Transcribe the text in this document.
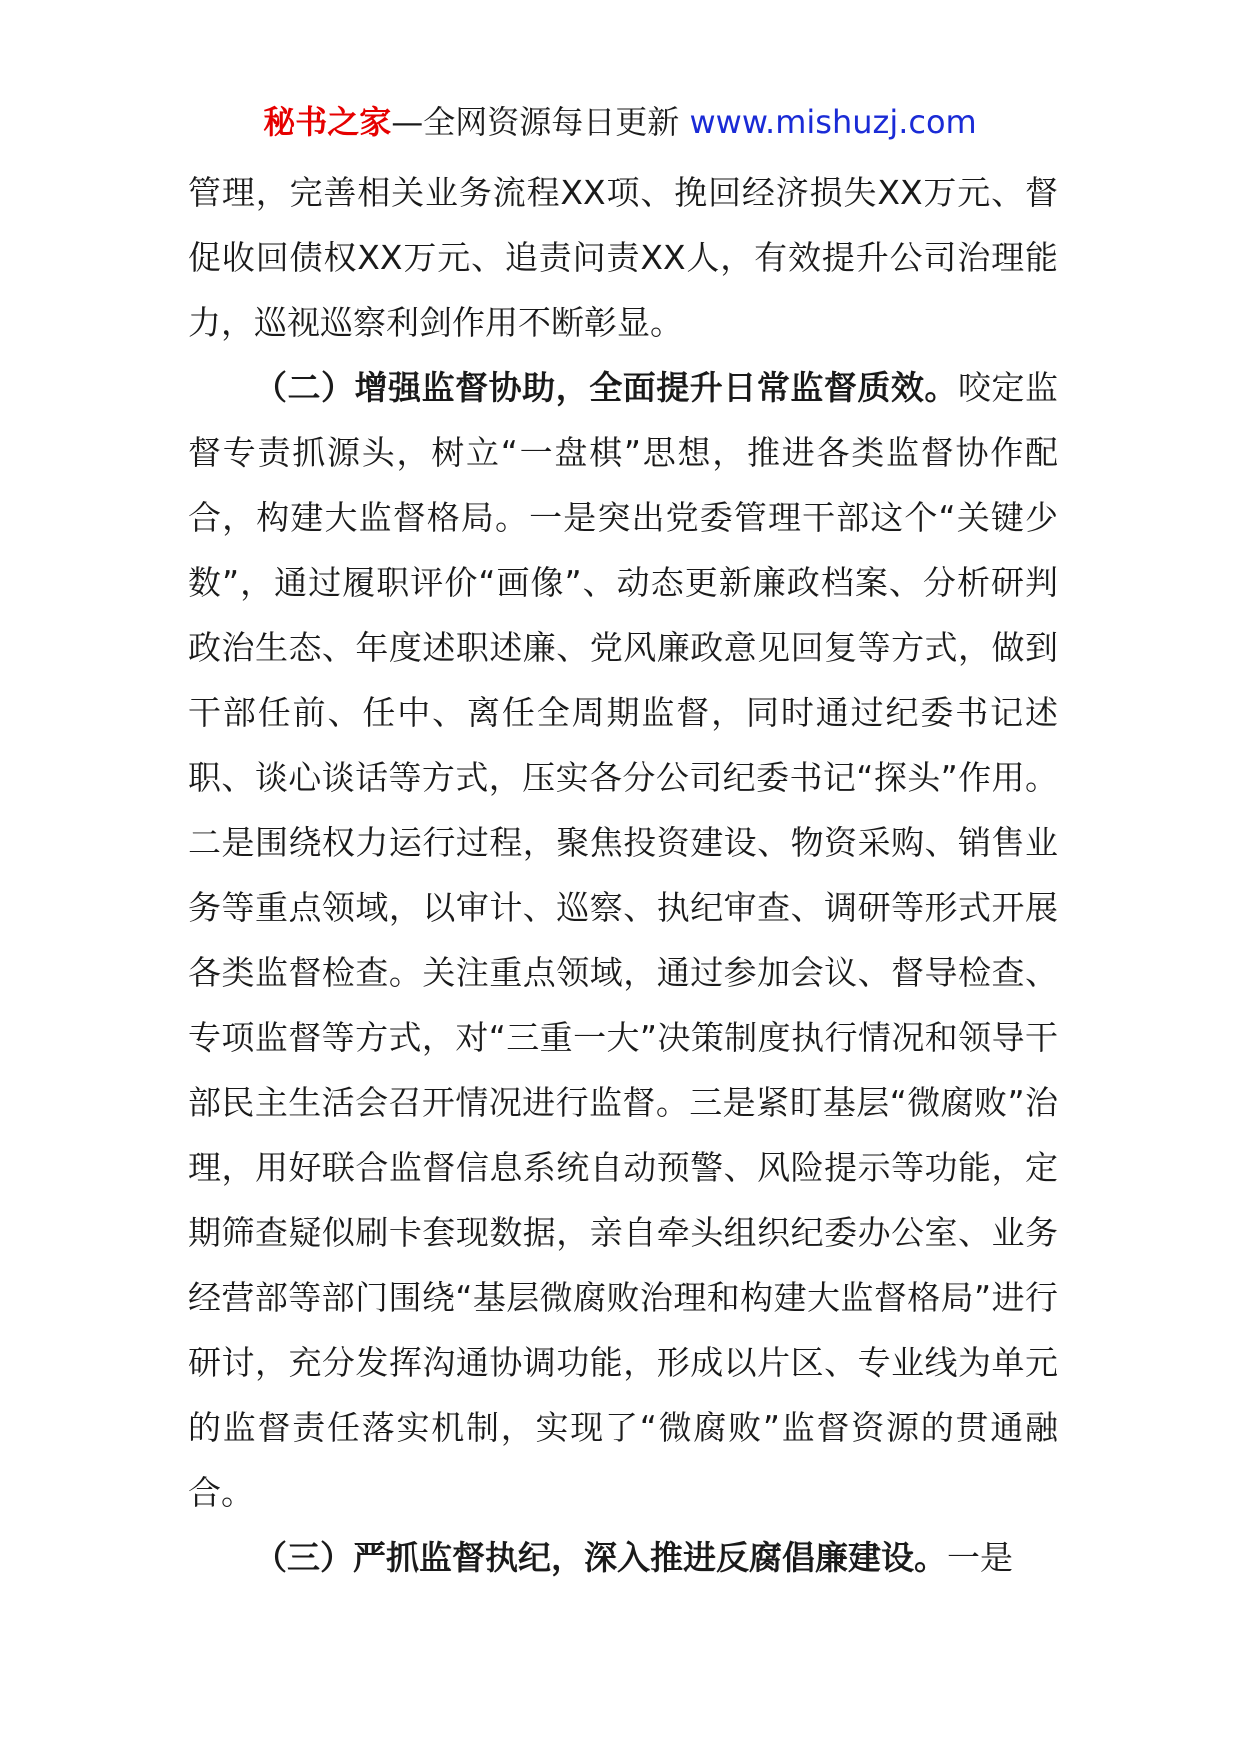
秘书之家—全网资源每日更新 www.mishuzj.com

管理，完善相关业务流程XX项、挽回经济损失XX万元、督促收回债权XX万元、追责问责XX人，有效提升公司治理能力，巡视巡察利剑作用不断彰显。

（二）增强监督协助，全面提升日常监督质效。咬定监督专责抓源头，树立“一盘棋”思想，推进各类监督协作配合，构建大监督格局。一是突出党委管理干部这个“关键少数”，通过履职评价“画像”、动态更新廉政档案、分析研判政治生态、年度述职述廉、党风廉政意见回复等方式，做到干部任前、任中、离任全周期监督，同时通过纪委书记述职、谈心谈话等方式，压实各分公司纪委书记“探头”作用。二是围绕权力运行过程，聚焦投资建设、物资采购、销售业务等重点领域，以审计、巡察、执纪审查、调研等形式开展各类监督检查。关注重点领域，通过参加会议、督导检查、专项监督等方式，对“三重一大”决策制度执行情况和领导干部民主生活会召开情况进行监督。三是紧盯基层“微腐败”治理，用好联合监督信息系统自动预警、风险提示等功能，定期筛查疑似刷卡套现数据，亲自牵头组织纪委办公室、业务经营部等部门围绕“基层微腐败治理和构建大监督格局”进行研讨，充分发挥沟通协调功能，形成以片区、专业线为单元的监督责任落实机制，实现了“微腐败”监督资源的贯通融合。

（三）严抓监督执纪，深入推进反腐倡廉建设。一是
